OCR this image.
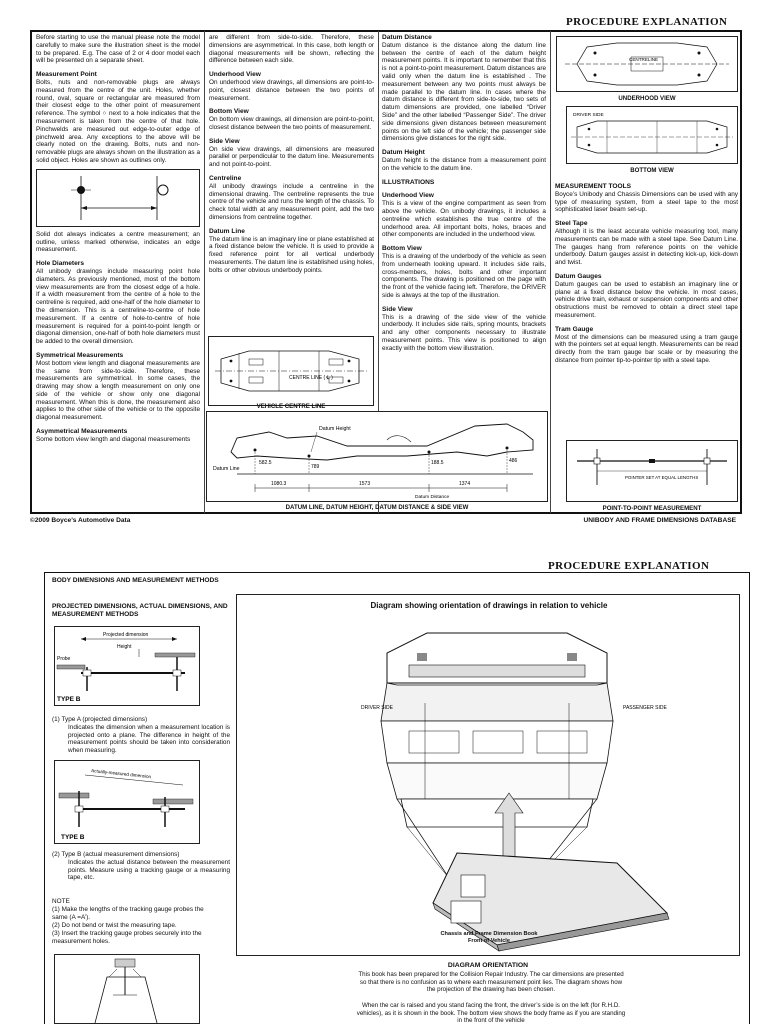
PROCEDURE EXPLANATION

Before starting to use the manual please note the model carefully to make sure the illustration sheet is the model to be prepared. E.g. The case of 2 or 4 door model each will be presented on a separate sheet.

Measurement Point

Bolts, nuts and non-removable plugs are always measured from the centre of the unit. Holes, whether round, oval, square or rectangular are measured from their closest edge to the other point of measurement reference. The symbol ○ next to a hole indicates that the measurement is taken from the centre of that hole. Pinchwelds are measured out edge-to-outer edge of pinchweld area. Any exceptions to the above will be clearly noted on the drawing. Bolts, nuts and non-removable plugs are always shown on the illustration as a solid object. Holes are shown as outlines only.

Solid dot always indicates a centre measurement; an outline, unless marked otherwise, indicates an edge measurement.

Hole Diameters

All unibody drawings include measuring point hole diameters. As previously mentioned, most of the bottom view measurements are from the closest edge of a hole. If a width measurement from the centre of a hole to the centreline is required, add one-half of the hole diameter to the dimension. This is a centreline-to-centre of hole measurement. If a centre of hole-to-centre of hole measurement is required for a point-to-point length or diagonal dimension, one-half of both hole diameters must be added to the overall dimension.

Symmetrical Measurements

Most bottom view length and diagonal measurements are the same from side-to-side. Therefore, these measurements are symmetrical. In some cases, the drawing may show a length measurement on only one side of the vehicle or show only one diagonal measurement. When this is done, the measurement also applies to the other side of the vehicle or to the opposite diagonal measurement.

Asymmetrical Measurements

Some bottom view length and diagonal measurements

are different from side-to-side. Therefore, these dimensions are asymmetrical. In this case, both length or diagonal measurements will be shown, reflecting the difference between each side.

Underhood View

On underhood view drawings, all dimensions are point-to-point, closest distance between the two points of measurement.

Bottom View

On bottom view drawings, all dimension are point-to-point, closest distance between the two points of measurement.

Side View

On side view drawings, all dimensions are measured parallel or perpendicular to the datum line. Measurements and not point-to-point.

Centreline

All unibody drawings include a centreline in the dimensional drawing. The centreline represents the true centre of the vehicle and runs the length of the chassis. To check total width at any measurement point, add the two dimensions from centreline together.

Datum Line

The datum line is an imaginary line or plane established at a fixed distance below the vehicle. It is used to provide a fixed reference point for all vertical underbody measurements. The datum line is established using holes, bolts or other obvious underbody points.

CENTRE LINE ( ℄ )
VEHICLE CENTRE LINE
Datum Distance

Datum distance is the distance along the datum line between the centre of each of the datum height measurement points. It is important to remember that this is not a point-to-point measurement. Datum distances are valid only when the datum line is established . The measurement between any two points must always be made parallel to the datum line. In cases where the datum distance is different from side-to-side, two sets of datum dimensions are provided, one labelled “Driver Side” and the other labelled “Passenger Side”. The driver side dimensions given distances between measurement points on the left side of the vehicle; the passenger side dimensions give distances for the right side.

Datum Height

Datum height is the distance from a measurement point on the vehicle to the datum line.

ILLUSTRATIONS
Underhood View

This is a view of the engine compartment as seen from above the vehicle. On unibody drawings, it includes a centreline which establishes the true centre of the underhood area. All important bolts, holes, braces and other components are included in the underhood view.

Bottom View

This is a drawing of the underbody of the vehicle as seen from underneath looking upward. It includes side rails, cross-members, holes, bolts and other important components. The drawing is positioned on the page with the front of the vehicle facing left. Therefore, the DRIVER side is always at the top of the illustration.

Side View

This is a drawing of the side view of the vehicle underbody. It includes side rails, spring mounts, brackets and any other components necessary to illustrate measurement points. This view is positioned to align exactly with the bottom view illustration.

Datum Height
Datum Line
Datum Distance
582.5
789
188.5	486
1080.3	1573	1374
DATUM LINE, DATUM HEIGHT, DATUM DISTANCE & SIDE VIEW
CENTRELINE
UNDERHOOD VIEW
DRIVER SIDE
BOTTOM VIEW
MEASUREMENT TOOLS

Boyce’s Unibody and Chassis Dimensions can be used with any type of measuring system, from a steel tape to the most sophisticated laser beam set-up.

Steel Tape

Although it is the least accurate vehicle measuring tool, many measurements can be made with a steel tape. See Datum Line. The gauges hang from reference points on the vehicle underbody. Datum gauges assist in detecting kick-up, kick-down and twist.

Datum Gauges

Datum gauges can be used to establish an imaginary line or plane at a fixed distance below the vehicle. In most cases, vehicle drive train, exhaust or suspension components and other obstructions must be removed to obtain a direct steel tape measurement.

Tram Gauge

Most of the dimensions can be measured using a tram gauge with the pointers set at equal length. Measurements can be read directly from the tram gauge bar scale or by measuring the distance from pointer tip-to-pointer tip with a steel tape.

POINTER SET AT EQUAL LENGTHS
POINT-TO-POINT MEASUREMENT
©2009 Boyce’s Automotive Data	UNIBODY AND FRAME DIMENSIONS DATABASE
PROCEDURE EXPLANATION
BODY DIMENSIONS AND MEASUREMENT METHODS
PROJECTED DIMENSIONS, ACTUAL DIMENSIONS, AND MEASUREMENT METHODS
Projected dimension
Height
Probe
TYPE B
(1) Type A (projected dimensions)
Indicates the dimension when a measurement location is projected onto a plane. The difference in height of the measurement points should be taken into consideration when measuring.
Actually-measured dimension
TYPE B
(2) Type B (actual measurement dimensions)
Indicates the actual distance between the measurement points. Measure using a tracking gauge or a measuring tape, etc.
NOTE
(1) Make the lengths of the tracking gauge probes the same (A =A’).
(2) Do not bend or twist the measuring tape.
(3) Insert the tracking gauge probes securely into the measurement holes.
Diagram showing orientation of drawings in relation to vehicle
DRIVER SIDE	PASSENGER SIDE
Chassis and Frame Dimension Book
Front of Vehicle
DIAGRAM ORIENTATION
This book has been prepared for the Collision Repair Industry. The car dimensions are presented so that there is no confusion as to where each measurement point lies. The diagram shows how the projection of the drawing has been chosen.
When the car is raised and you stand facing the front, the driver’s side is on the left (for R.H.D. vehicles), as it is shown in the book. The bottom view shows the body frame as if you are standing in the front of the vehicle
